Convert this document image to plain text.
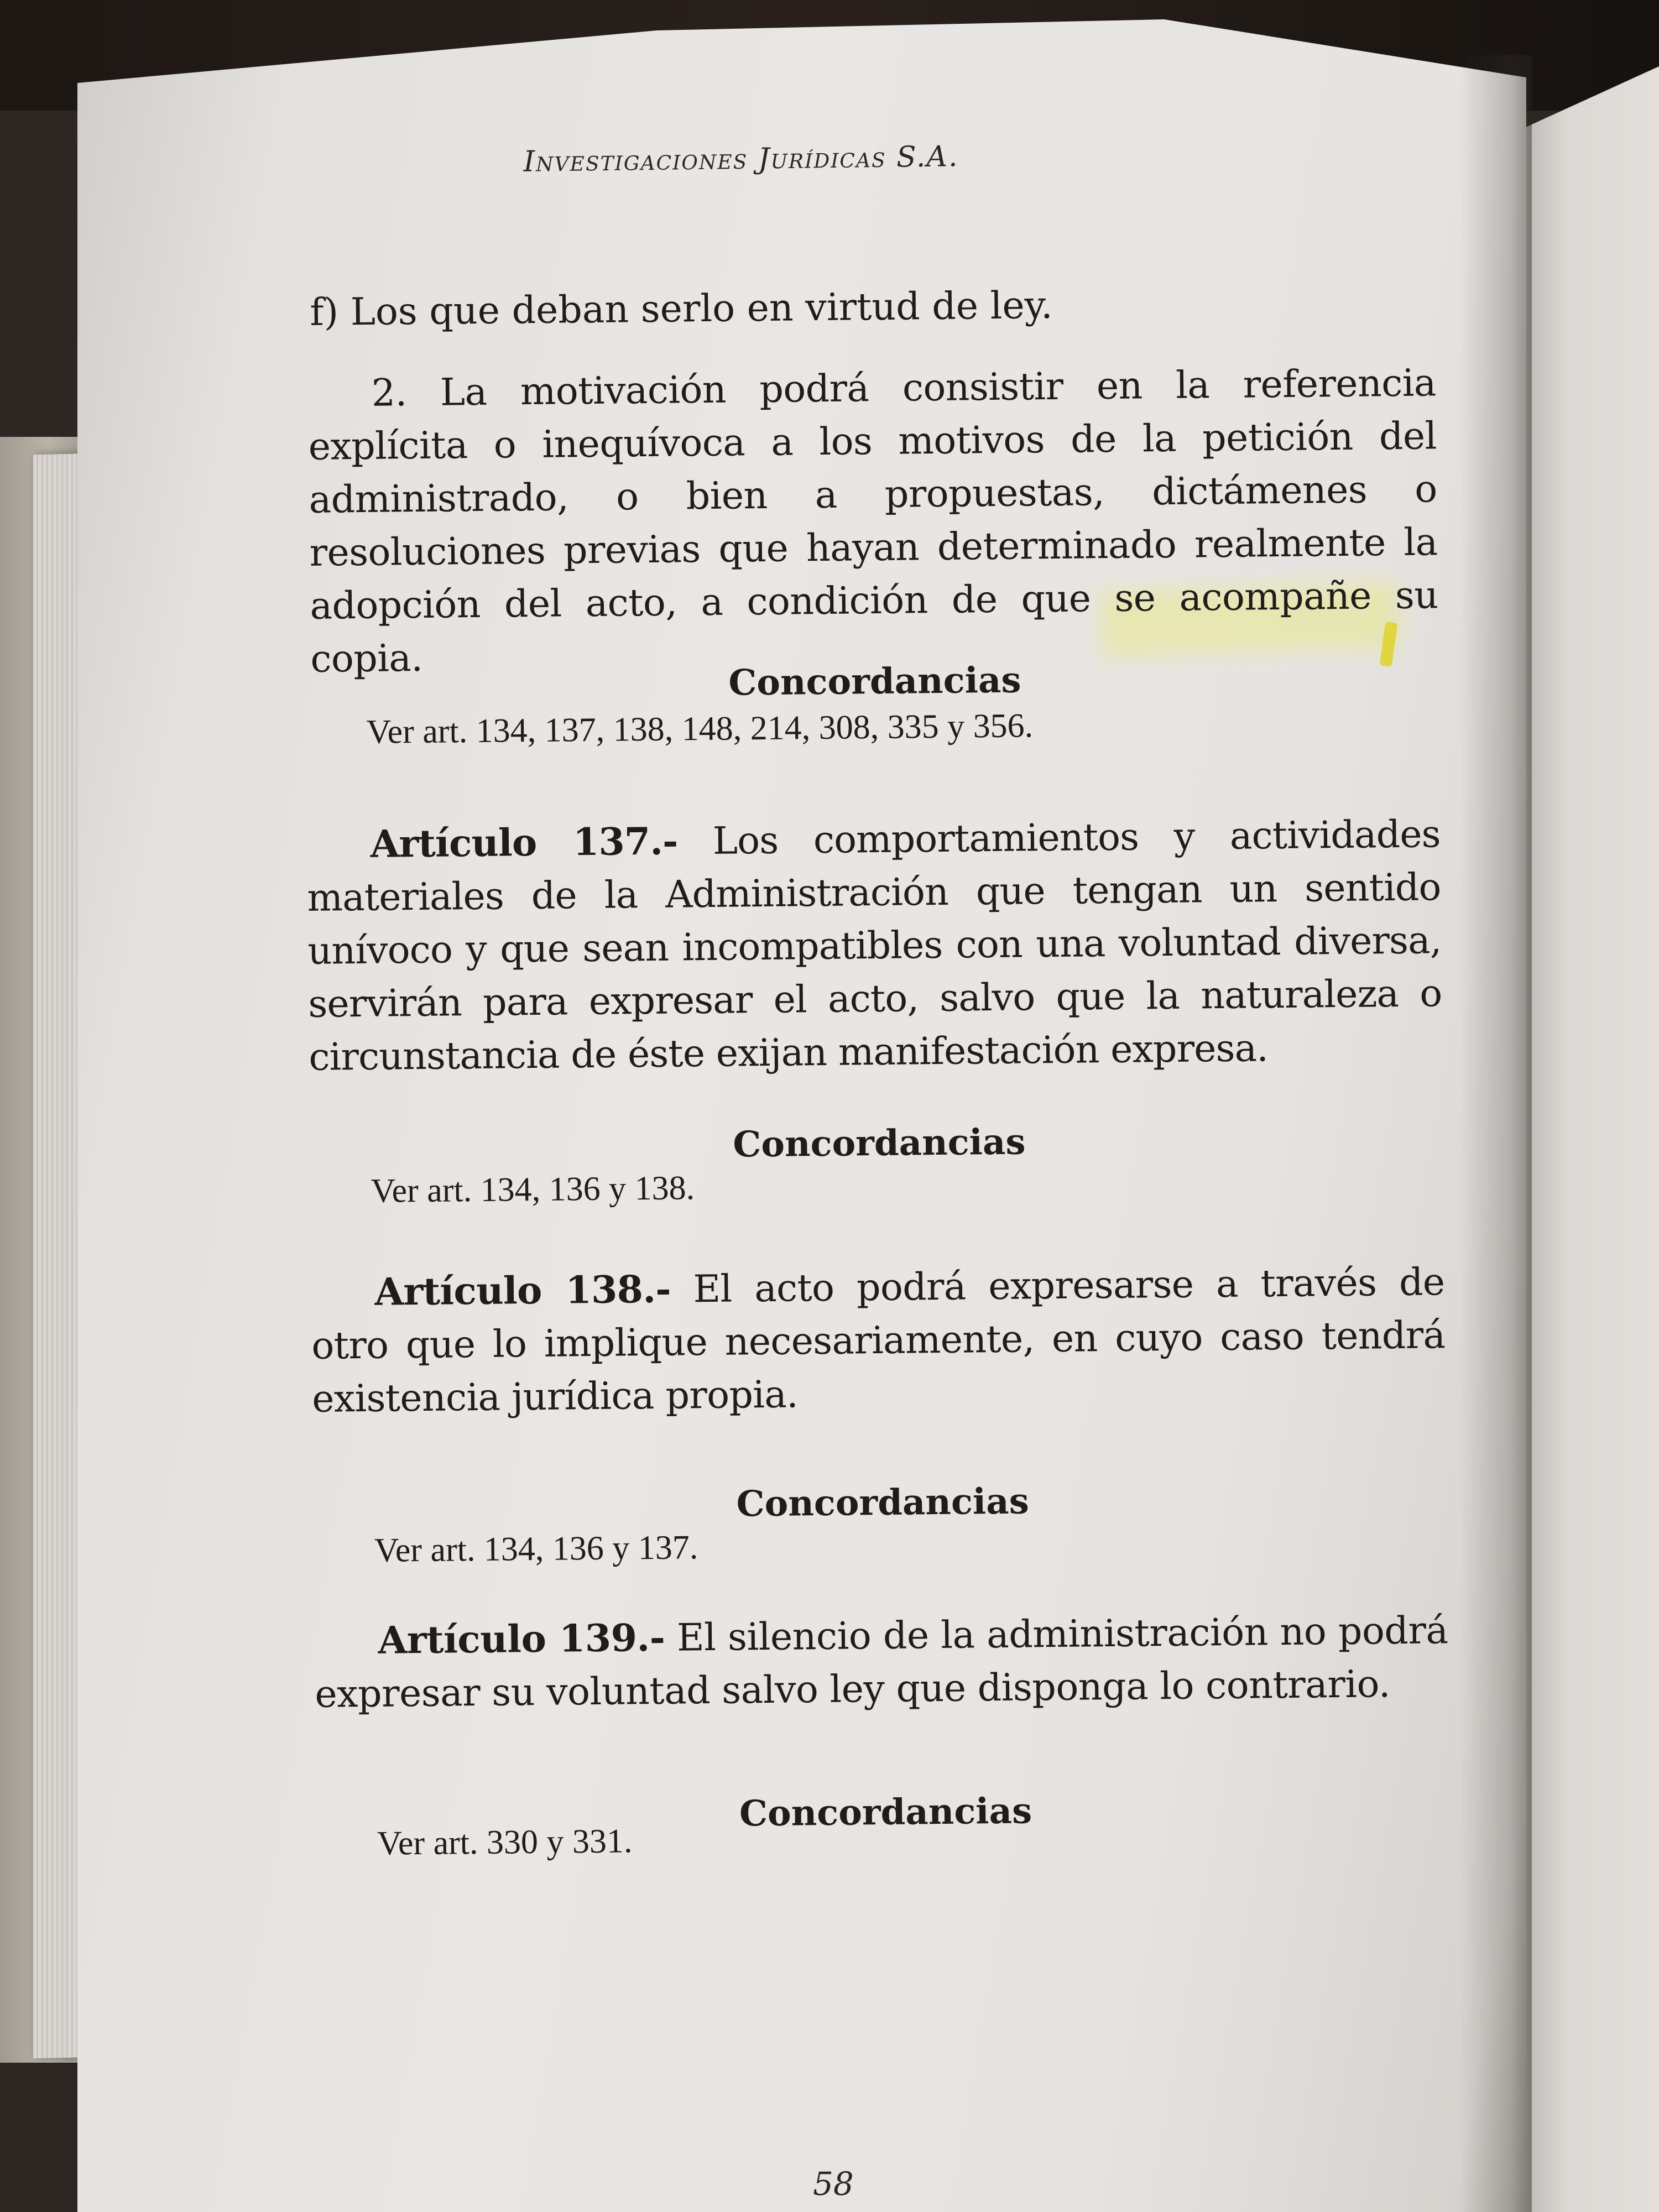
Investigaciones Jurídicas S.A.
f) Los que deban serlo en virtud de ley.
2. La motivación podrá consistir en la referencia explícita o inequívoca a los motivos de la petición del administrado, o bien a propuestas, dictámenes o resoluciones previas que hayan determinado realmente la adopción del acto, a condición de que se acompañe su copia.
Concordancias
Ver art. 134, 137, 138, 148, 214, 308, 335 y 356.
Artículo 137.- Los comportamientos y actividades materiales de la Administración que tengan un sentido unívoco y que sean incompatibles con una voluntad diversa, servirán para expresar el acto, salvo que la naturaleza o circunstancia de éste exijan manifestación expresa.
Concordancias
Ver art. 134, 136 y 138.
Artículo 138.- El acto podrá expresarse a través de otro que lo implique necesariamente, en cuyo caso tendrá existencia jurídica propia.
Concordancias
Ver art. 134, 136 y 137.
Artículo 139.- El silencio de la administración no podrá expresar su voluntad salvo ley que disponga lo contrario.
Concordancias
Ver art. 330 y 331.
58
